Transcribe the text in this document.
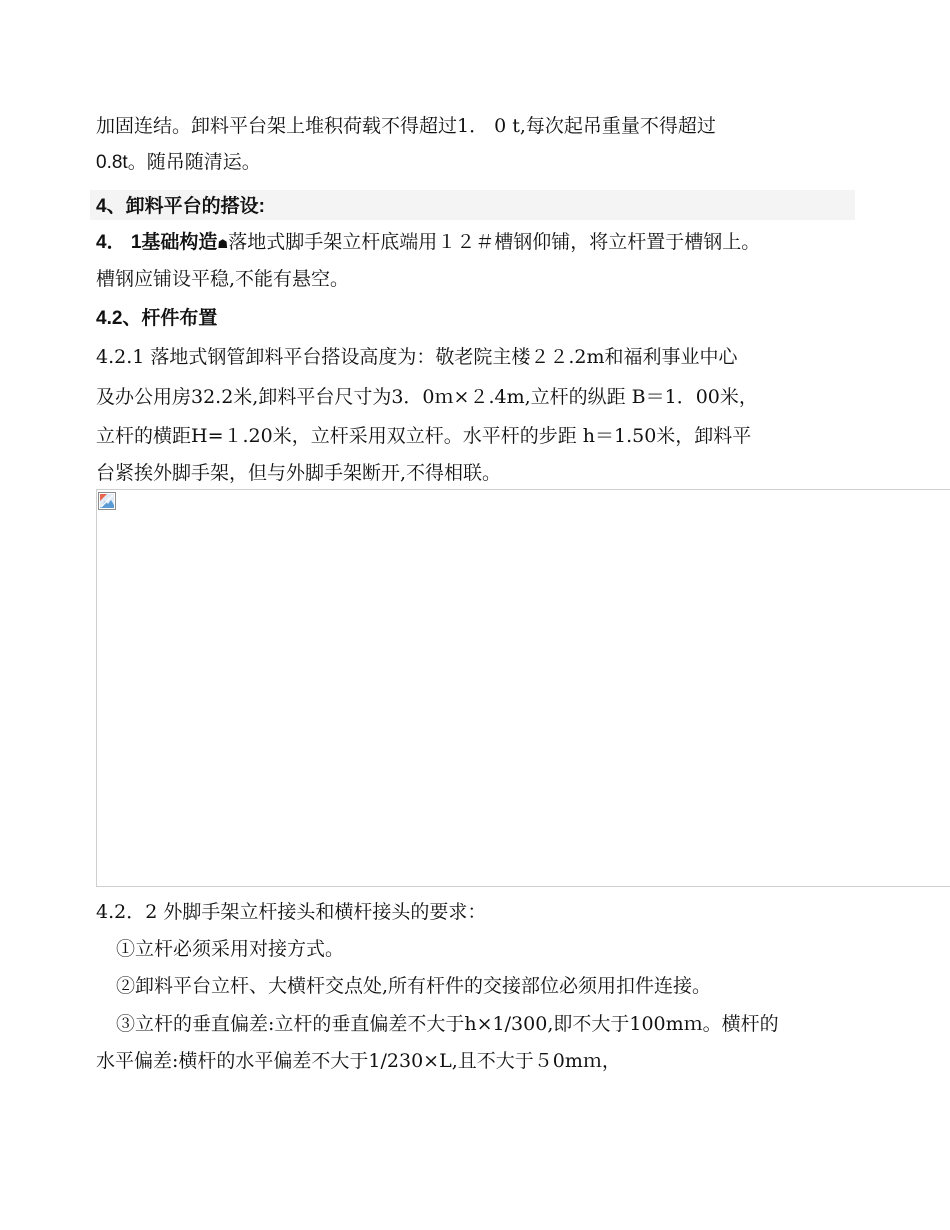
加固连结。卸料平台架上堆积荷载不得超过1． 0 t,每次起吊重量不得超过
0.8t。随吊随清运。
4、卸料平台的搭设:
4． 1基础构造☗落地式脚手架立杆底端用１２＃槽钢仰铺，将立杆置于槽钢上。
槽钢应铺设平稳,不能有悬空。
4.2、杆件布置
4.2.1 落地式钢管卸料平台搭设高度为：敬老院主楼２２.2m和福利事业中心
及办公用房32.2米,卸料平台尺寸为3．0ｍ×２.4m,立杆的纵距 B＝1．00米，
立杆的横距H=１.20米，立杆采用双立杆。水平杆的步距 h＝1.50米，卸料平
台紧挨外脚手架，但与外脚手架断开,不得相联。
4.2．2 外脚手架立杆接头和横杆接头的要求：
①立杆必须采用对接方式。
②卸料平台立杆、大横杆交点处,所有杆件的交接部位必须用扣件连接。
③立杆的垂直偏差:立杆的垂直偏差不大于h×1/300,即不大于100mｍ。横杆的
水平偏差:横杆的水平偏差不大于1/230×L,且不大于５0mｍ，
